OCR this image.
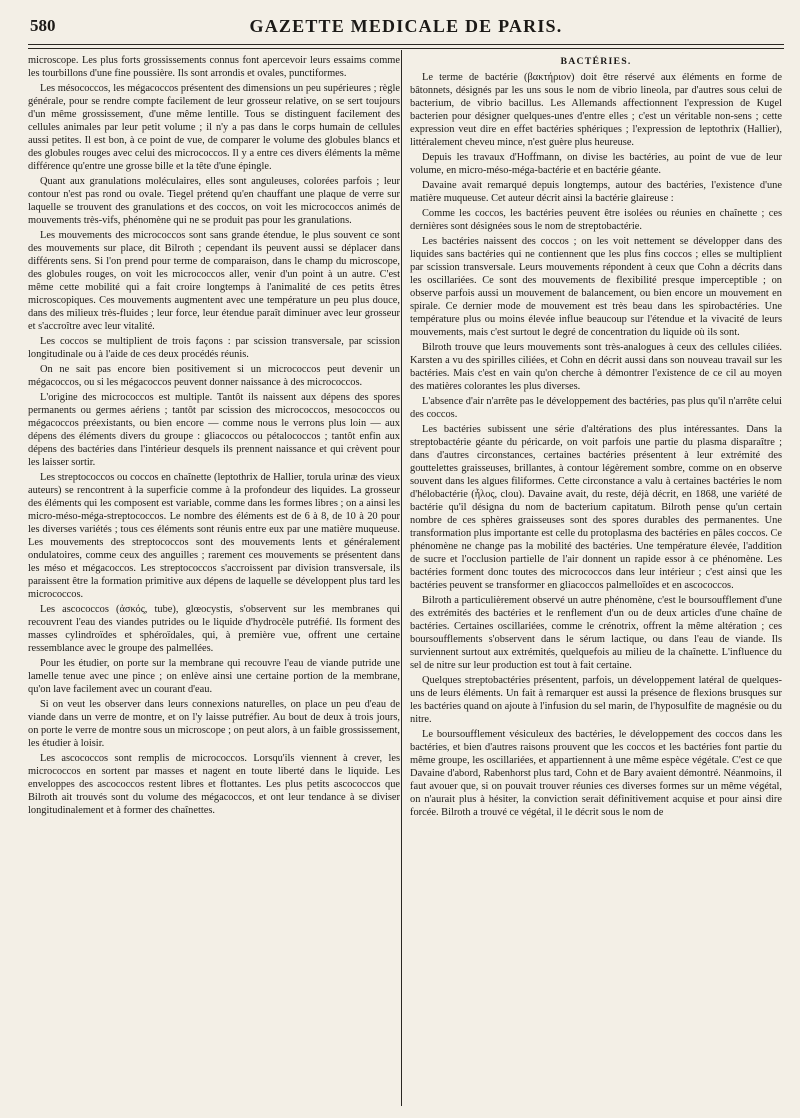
580	GAZETTE MEDICALE DE PARIS.

microscope. Les plus forts grossissements connus font apercevoir leurs essaims comme les tourbillons d'une fine poussière. Ils sont arrondis et ovales, punctiformes.

Les mésococcos, les mégacoccos présentent des dimensions un peu supérieures ; règle générale, pour se rendre compte facilement de leur grosseur relative, on se sert toujours d'un même grossissement, d'une même lentille. Tous se distinguent facilement des cellules animales par leur petit volume ; il n'y a pas dans le corps humain de cellules aussi petites. Il est bon, à ce point de vue, de comparer le volume des globules blancs et des globules rouges avec celui des micrococcos. Il y a entre ces divers éléments la même différence qu'entre une grosse bille et la tête d'une épingle.

Quant aux granulations moléculaires, elles sont anguleuses, colorées parfois ; leur contour n'est pas rond ou ovale. Tiegel prétend qu'en chauffant une plaque de verre sur laquelle se trouvent des granulations et des coccos, on voit les micrococcos animés de mouvements très-vifs, phénomène qui ne se produit pas pour les granulations.

Les mouvements des micrococcos sont sans grande étendue, le plus souvent ce sont des mouvements sur place, dit Bilroth ; cependant ils peuvent aussi se déplacer dans différents sens. Si l'on prend pour terme de comparaison, dans le champ du microscope, des globules rouges, on voit les micrococcos aller, venir d'un point à un autre. C'est même cette mobilité qui a fait croire longtemps à l'animalité de ces petits êtres microscopiques. Ces mouvements augmentent avec une température un peu plus douce, dans des milieux très-fluides ; leur force, leur étendue paraît diminuer avec leur grosseur et s'accroître avec leur vitalité.

Les coccos se multiplient de trois façons : par scission transversale, par scission longitudinale ou à l'aide de ces deux procédés réunis.

On ne sait pas encore bien positivement si un micrococcos peut devenir un mégacoccos, ou si les mégacoccos peuvent donner naissance à des micrococcos.

L'origine des micrococcos est multiple. Tantôt ils naissent aux dépens des spores permanents ou germes aériens ; tantôt par scission des micrococcos, mesococcos ou mégacoccos préexistants, ou bien encore — comme nous le verrons plus loin — aux dépens des éléments divers du groupe : gliacoccos ou pétalococcos ; tantôt enfin aux dépens des bactéries dans l'intérieur desquels ils prennent naissance et qui crèvent pour les laisser sortir.

Les streptococcos ou coccos en chaînette (leptothrix de Hallier, torula urinæ des vieux auteurs) se rencontrent à la superficie comme à la profondeur des liquides. La grosseur des éléments qui les composent est variable, comme dans les formes libres ; on a ainsi les micro-méso-méga-streptococcos. Le nombre des éléments est de 6 à 8, de 10 à 20 pour les diverses variétés ; tous ces éléments sont réunis entre eux par une matière muqueuse. Les mouvements des streptococcos sont des mouvements lents et généralement ondulatoires, comme ceux des anguilles ; rarement ces mouvements se présentent dans les méso et mégacoccos. Les streptococcos s'accroissent par division transversale, ils paraissent être la formation primitive aux dépens de laquelle se développent plus tard les micrococcos.

Les ascococcos (ἀσκός, tube), glœocystis, s'observent sur les membranes qui recouvrent l'eau des viandes putrides ou le liquide d'hydrocèle putréfié. Ils forment des masses cylindroïdes et sphéroïdales, qui, à première vue, offrent une certaine ressemblance avec le groupe des palmellées.

Pour les étudier, on porte sur la membrane qui recouvre l'eau de viande putride une lamelle tenue avec une pince ; on enlève ainsi une certaine portion de la membrane, qu'on lave facilement avec un courant d'eau.

Si on veut les observer dans leurs connexions naturelles, on place un peu d'eau de viande dans un verre de montre, et on l'y laisse putréfier. Au bout de deux à trois jours, on porte le verre de montre sous un microscope ; on peut alors, à un faible grossissement, les étudier à loisir.

Les ascococcos sont remplis de micrococcos. Lorsqu'ils viennent à crever, les micrococcos en sortent par masses et nagent en toute liberté dans le liquide. Les enveloppes des ascococcos restent libres et flottantes. Les plus petits ascococcos que Bilroth ait trouvés sont du volume des mégacoccos, et ont leur tendance à se diviser longitudinalement et à former des chaînettes.

BACTÉRIES.

Le terme de bactérie (βακτήριον) doit être réservé aux éléments en forme de bâtonnets, désignés par les uns sous le nom de vibrio lineola, par d'autres sous celui de bacterium, de vibrio bacillus. Les Allemands affectionnent l'expression de Kugel bacterien pour désigner quelques-unes d'entre elles ; c'est un véritable non-sens ; cette expression veut dire en effet bactéries sphériques ; l'expression de leptothrix (Hallier), littéralement cheveu mince, n'est guère plus heureuse.

Depuis les travaux d'Hoffmann, on divise les bactéries, au point de vue de leur volume, en micro-méso-méga-bactérie et en bactérie géante.

Davaine avait remarqué depuis longtemps, autour des bactéries, l'existence d'une matière muqueuse. Cet auteur décrit ainsi la bactérie glaireuse :

Comme les coccos, les bactéries peuvent être isolées ou réunies en chaînette ; ces dernières sont désignées sous le nom de streptobactérie.

Les bactéries naissent des coccos ; on les voit nettement se développer dans des liquides sans bactéries qui ne contiennent que les plus fins coccos ; elles se multiplient par scission transversale. Leurs mouvements répondent à ceux que Cohn a décrits dans les oscillariées. Ce sont des mouvements de flexibilité presque imperceptible ; on observe parfois aussi un mouvement de balancement, ou bien encore un mouvement en spirale. Ce dernier mode de mouvement est très beau dans les spirobactéries. Une température plus ou moins élevée influe beaucoup sur l'étendue et la vivacité de leurs mouvements, mais c'est surtout le degré de concentration du liquide où ils sont.

Bilroth trouve que leurs mouvements sont très-analogues à ceux des cellules ciliées. Karsten a vu des spirilles ciliées, et Cohn en décrit aussi dans son nouveau travail sur les bactéries. Mais c'est en vain qu'on cherche à démontrer l'existence de ce cil au moyen des matières colorantes les plus diverses.

L'absence d'air n'arrête pas le développement des bactéries, pas plus qu'il n'arrête celui des coccos.

Les bactéries subissent une série d'altérations des plus intéressantes. Dans la streptobactérie géante du péricarde, on voit parfois une partie du plasma disparaître ; dans d'autres circonstances, certaines bactéries présentent à leur extrémité des gouttelettes graisseuses, brillantes, à contour légèrement sombre, comme on en observe souvent dans les algues filiformes. Cette circonstance a valu à certaines bactéries le nom d'hélobactérie (ἧλος, clou). Davaine avait, du reste, déjà décrit, en 1868, une variété de bactérie qu'il désigna du nom de bacterium capitatum. Bilroth pense qu'un certain nombre de ces sphères graisseuses sont des spores durables des permanentes. Une transformation plus importante est celle du protoplasma des bactéries en pâles coccos. Ce phénomène ne change pas la mobilité des bactéries. Une température élevée, l'addition de sucre et l'occlusion partielle de l'air donnent un rapide essor à ce phénomène. Les bactéries forment donc toutes des micrococcos dans leur intérieur ; c'est ainsi que les bactéries peuvent se transformer en gliacoccos palmelloïdes et en ascococcos.

Bilroth a particulièrement observé un autre phénomène, c'est le boursoufflement d'une des extrémités des bactéries et le renflement d'un ou de deux articles d'une chaîne de bactéries. Certaines oscillariées, comme le crénotrix, offrent la même altération ; ces boursoufflements s'observent dans le sérum lactique, ou dans l'eau de viande. Ils surviennent surtout aux extrémités, quelquefois au milieu de la chaînette. L'influence du sel de nitre sur leur production est tout à fait certaine.

Quelques streptobactéries présentent, parfois, un développement latéral de quelques-uns de leurs éléments. Un fait à remarquer est aussi la présence de flexions brusques sur les bactéries quand on ajoute à l'infusion du sel marin, de l'hyposulfite de magnésie ou du nitre.

Le boursoufflement vésiculeux des bactéries, le développement des coccos dans les bactéries, et bien d'autres raisons prouvent que les coccos et les bactéries font partie du même groupe, les oscillariées, et appartiennent à une même espèce végétale. C'est ce que Davaine d'abord, Rabenhorst plus tard, Cohn et de Bary avaient démontré. Néanmoins, il faut avouer que, si on pouvait trouver réunies ces diverses formes sur un même végétal, on n'aurait plus à hésiter, la conviction serait définitivement acquise et pour ainsi dire forcée. Bilroth a trouvé ce végétal, il le décrit sous le nom de
